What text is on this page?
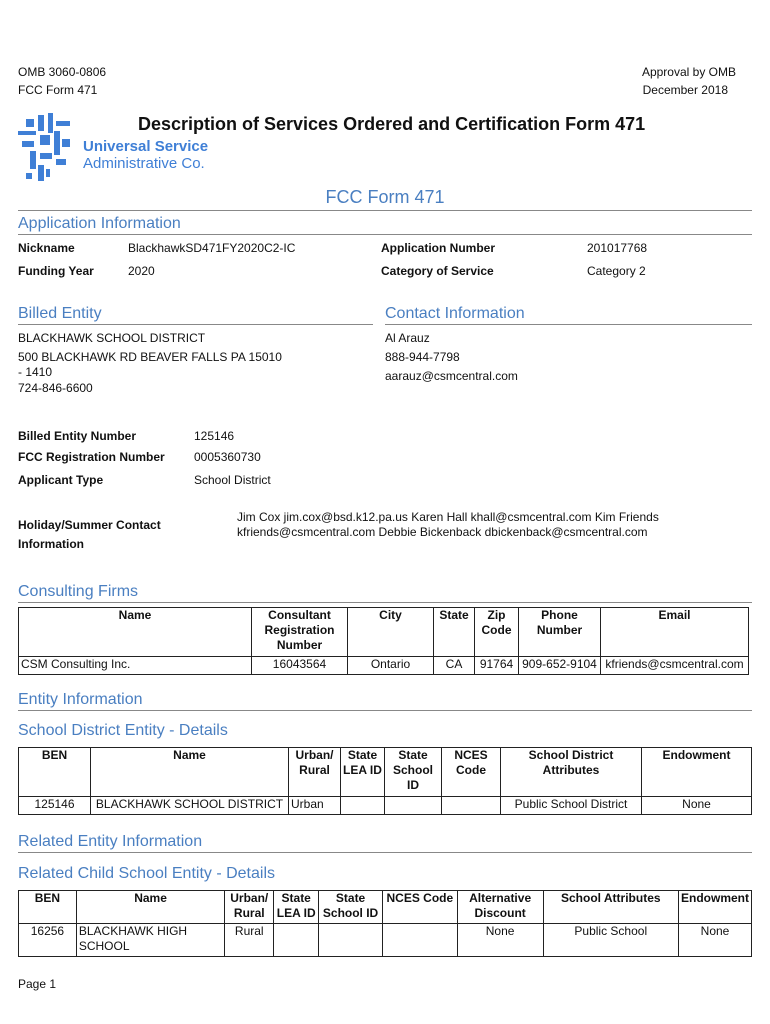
OMB 3060-0806
FCC Form 471
Approval by OMB
December 2018
Universal Service
Administrative Co.
Description of Services Ordered and Certification Form 471
FCC Form 471
Application Information
Nickname	BlackhawkSD471FY2020C2-IC
Funding Year	2020
Application Number	201017768
Category of Service	Category 2
Billed Entity
BLACKHAWK SCHOOL DISTRICT
500 BLACKHAWK RD BEAVER FALLS PA 15010
- 1410
724-846-6600
Contact Information
Al Arauz
888-944-7798
aarauz@csmcentral.com
Billed Entity Number	125146
FCC Registration Number 0005360730
Applicant Type	School District
Holiday/Summer Contact
Information
Jim Cox jim.cox@bsd.k12.pa.us Karen Hall khall@csmcentral.com Kim Friends
kfriends@csmcentral.com Debbie Bickenback dbickenback@csmcentral.com
Consulting Firms
Name	Consultant Registration Number	City	State	Zip Code	Phone Number	Email
CSM Consulting Inc.	16043564	Ontario	CA	91764	909-652-9104	kfriends@csmcentral.com
Entity Information
School District Entity - Details
BEN	Name	Urban/ Rural	State LEA ID	State School ID	NCES Code	School District Attributes	Endowment
125146	BLACKHAWK SCHOOL DISTRICT	Urban				Public School District	None
Related Entity Information
Related Child School Entity - Details
BEN	Name	Urban/ Rural	State LEA ID	State School ID	NCES Code	Alternative Discount	School Attributes	Endowment
16256	BLACKHAWK HIGH SCHOOL	Rural				None	Public School	None
Page 1
